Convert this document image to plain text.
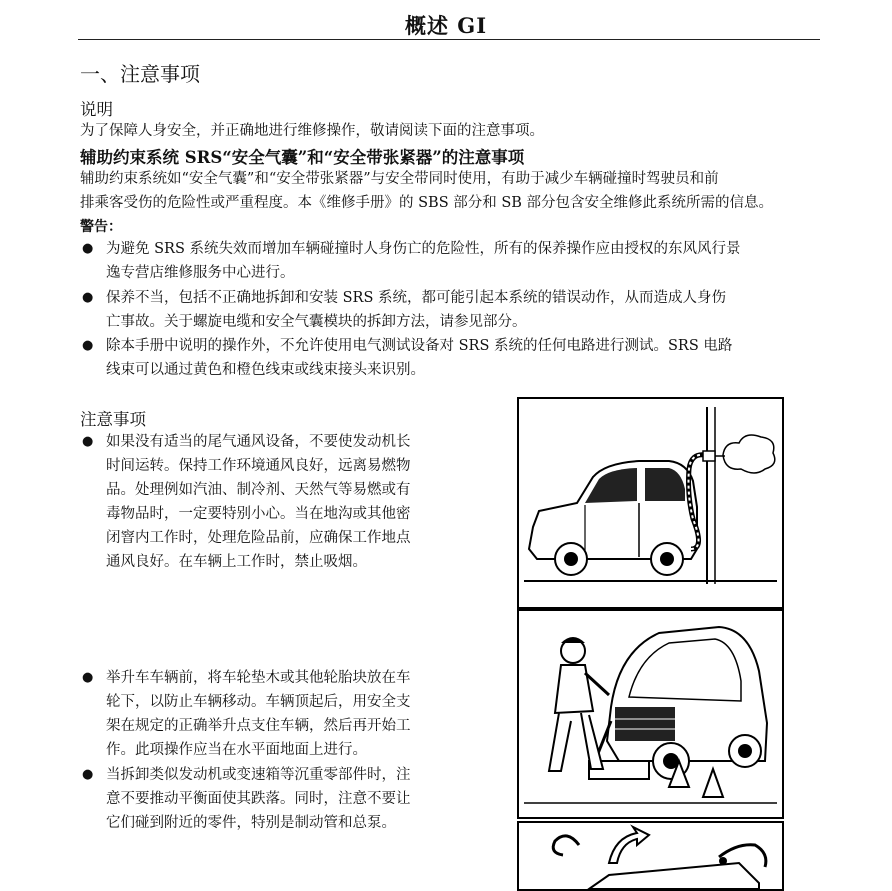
概述 GI
一、注意事项
说明
为了保障人身安全，并正确地进行维修操作，敬请阅读下面的注意事项。
辅助约束系统 SRS“安全气囊”和“安全带张紧器”的注意事项
辅助约束系统如“安全气囊”和“安全带张紧器”与安全带同时使用，有助于减少车辆碰撞时驾驶员和前
排乘客受伤的危险性或严重程度。本《维修手册》的 SBS 部分和 SB 部分包含安全维修此系统所需的信息。
警告：
● 为避免 SRS 系统失效而增加车辆碰撞时人身伤亡的危险性，所有的保养操作应由授权的东风风行景
逸专营店维修服务中心进行。
● 保养不当，包括不正确地拆卸和安装 SRS 系统，都可能引起本系统的错误动作，从而造成人身伤
亡事故。关于螺旋电缆和安全气囊模块的拆卸方法，请参见部分。
● 除本手册中说明的操作外，不允许使用电气测试设备对 SRS 系统的任何电路进行测试。SRS 电路
线束可以通过黄色和橙色线束或线束接头来识别。
注意事项
● 如果没有适当的尾气通风设备，不要使发动机长
时间运转。保持工作环境通风良好，远离易燃物
品。处理例如汽油、制冷剂、天然气等易燃或有
毒物品时，一定要特别小心。当在地沟或其他密
闭窨内工作时，处理危险品前，应确保工作地点
通风良好。在车辆上工作时，禁止吸烟。
● 举升车车辆前，将车轮垫木或其他轮胎块放在车
轮下，以防止车辆移动。车辆顶起后，用安全支
架在规定的正确举升点支住车辆，然后再开始工
作。此项操作应当在水平面地面上进行。
● 当拆卸类似发动机或变速箱等沉重零部件时，注
意不要推动平衡面使其跌落。同时，注意不要让
它们碰到附近的零件，特别是制动管和总泵。
